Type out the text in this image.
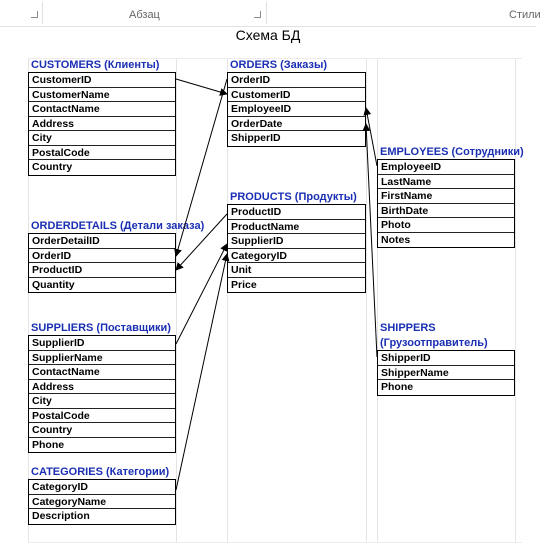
Абзац	Стили
Схема БД
CUSTOMERS (Клиенты)
CustomerID
CustomerName
ContactName
Address
City
PostalCode
Country
ORDERS (Заказы)
OrderID
CustomerID
EmployeeID
OrderDate
ShipperID
EMPLOYEES (Сотрудники)
EmployeeID
LastName
FirstName
BirthDate
Photo
Notes
ORDERDETAILS (Детали заказа)
OrderDetailID
OrderID
ProductID
Quantity
PRODUCTS (Продукты)
ProductID
ProductName
SupplierID
CategoryID
Unit
Price
SUPPLIERS (Поставщики)
SupplierID
SupplierName
ContactName
Address
City
PostalCode
Country
Phone
SHIPPERS
(Грузоотправитель)
ShipperID
ShipperName
Phone
CATEGORIES (Категории)
CategoryID
CategoryName
Description
